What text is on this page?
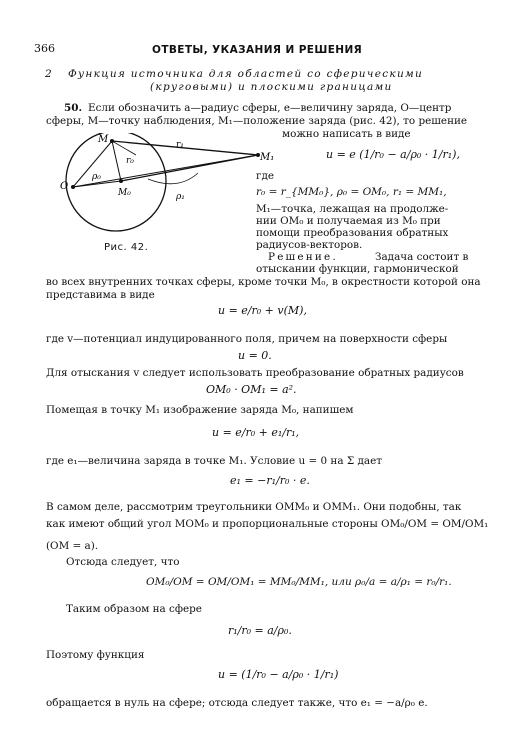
366	ОТВЕТЫ, УКАЗАНИЯ И РЕШЕНИЯ
2 Функция источника для областей со сферическими
(круговыми) и плоскими границами
50. Если обозначить a—радиус сферы, e—величину заряда, O—центр
сферы, M—точку наблюдения, M₁—положение заряда (рис. 42), то решение
можно написать в виде
M
M₁
r₀
ρ₀
O
M₀	ρ₁
r₁
Рис. 42.
u = e (1/r₀ − a/ρ₀ · 1/r₁),
где
r₀ = r_{MM₀}, ρ₀ = OM₀, r₁ = MM₁,
M₁—точка, лежащая на продолже-
нии OM₀ и получаемая из M₀ при
помощи преобразования обратных
радиусов-векторов.
Решение.	Задача состоит в
отыскании функции, гармонической
во всех внутренних точках сферы, кроме точки M₀, в окрестности которой она
представима в виде
u = e/r₀ + v(M),
где v—потенциал индуцированного поля, причем на поверхности сферы
u = 0.
Для отыскания v следует использовать преобразование обратных радиусов
OM₀ · OM₁ = a².
Помещая в точку M₁ изображение заряда M₀, напишем
u = e/r₀ + e₁/r₁,
где e₁—величина заряда в точке M₁. Условие u = 0 на Σ дает
e₁ = −r₁/r₀ · e.
В самом деле, рассмотрим треугольники OMM₀ и OMM₁. Они подобны, так
как имеют общий угол MOM₀ и пропорциональные стороны OM₀/OM = OM/OM₁
(OM = a).
Отсюда следует, что
OM₀/OM = OM/OM₁ = MM₀/MM₁, или ρ₀/a = a/ρ₁ = r₀/r₁.
Таким образом на сфере
r₁/r₀ = a/ρ₀.
Поэтому функция
u = (1/r₀ − a/ρ₀ · 1/r₁)
обращается в нуль на сфере; отсюда следует также, что e₁ = −a/ρ₀ e.
